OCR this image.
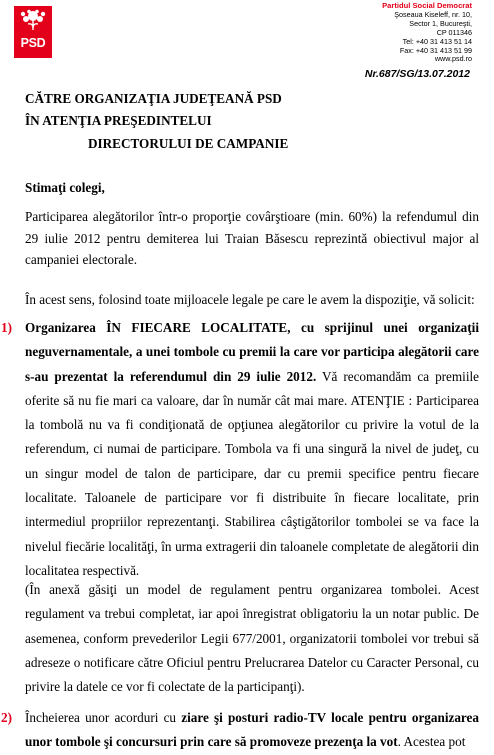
PSD
Partidul Social Democrat
Şoseaua Kiseleff, nr. 10,
Sector 1, Bucureşti,
CP 011346
Tel: +40 31 413 51 14
Fax: +40 31 413 51 99
www.psd.ro
Nr.687/SG/13.07.2012
CĂTRE ORGANIZAŢIA JUDEŢEANĂ PSD
ÎN ATENŢIA PREŞEDINTELUI
DIRECTORULUI DE CAMPANIE
Stimaţi colegi,
Participarea alegătorilor într-o proporţie covârştioare (min. 60%) la refendumul din 29 iulie 2012 pentru demiterea lui Traian Băsescu reprezintă obiectivul major al campaniei electorale.
În acest sens, folosind toate mijloacele legale pe care le avem la dispoziţie, vă solicit:
1) Organizarea ÎN FIECARE LOCALITATE, cu sprijinul unei organizaţii neguvernamentale, a unei tombole cu premii la care vor participa alegătorii care s-au prezentat la referendumul din 29 iulie 2012. Vă recomandăm ca premiile oferite să nu fie mari ca valoare, dar în număr cât mai mare. ATENŢIE : Participarea la tombolă nu va fi condiţionată de opţiunea alegătorilor cu privire la votul de la referendum, ci numai de participare. Tombola va fi una singură la nivel de judeţ, cu un singur model de talon de participare, dar cu premii specifice pentru fiecare localitate. Taloanele de participare vor fi distribuite în fiecare localitate, prin intermediul propriilor reprezentanţi. Stabilirea câştigătorilor tombolei se va face la nivelul fiecărie localităţi, în urma extragerii din taloanele completate de alegătorii din localitatea respectivă.
(În anexă găsiţi un model de regulament pentru organizarea tombolei. Acest regulament va trebui completat, iar apoi înregistrat obligatoriu la un notar public. De asemenea, conform prevederilor Legii 677/2001, organizatorii tombolei vor trebui să adreseze o notificare către Oficiul pentru Prelucrarea Datelor cu Caracter Personal, cu privire la datele ce vor fi colectate de la participanţi).
2) Încheierea unor acorduri cu ziare şi posturi radio-TV locale pentru organizarea unor tombole şi concursuri prin care să promoveze prezenţa la vot. Acestea pot
